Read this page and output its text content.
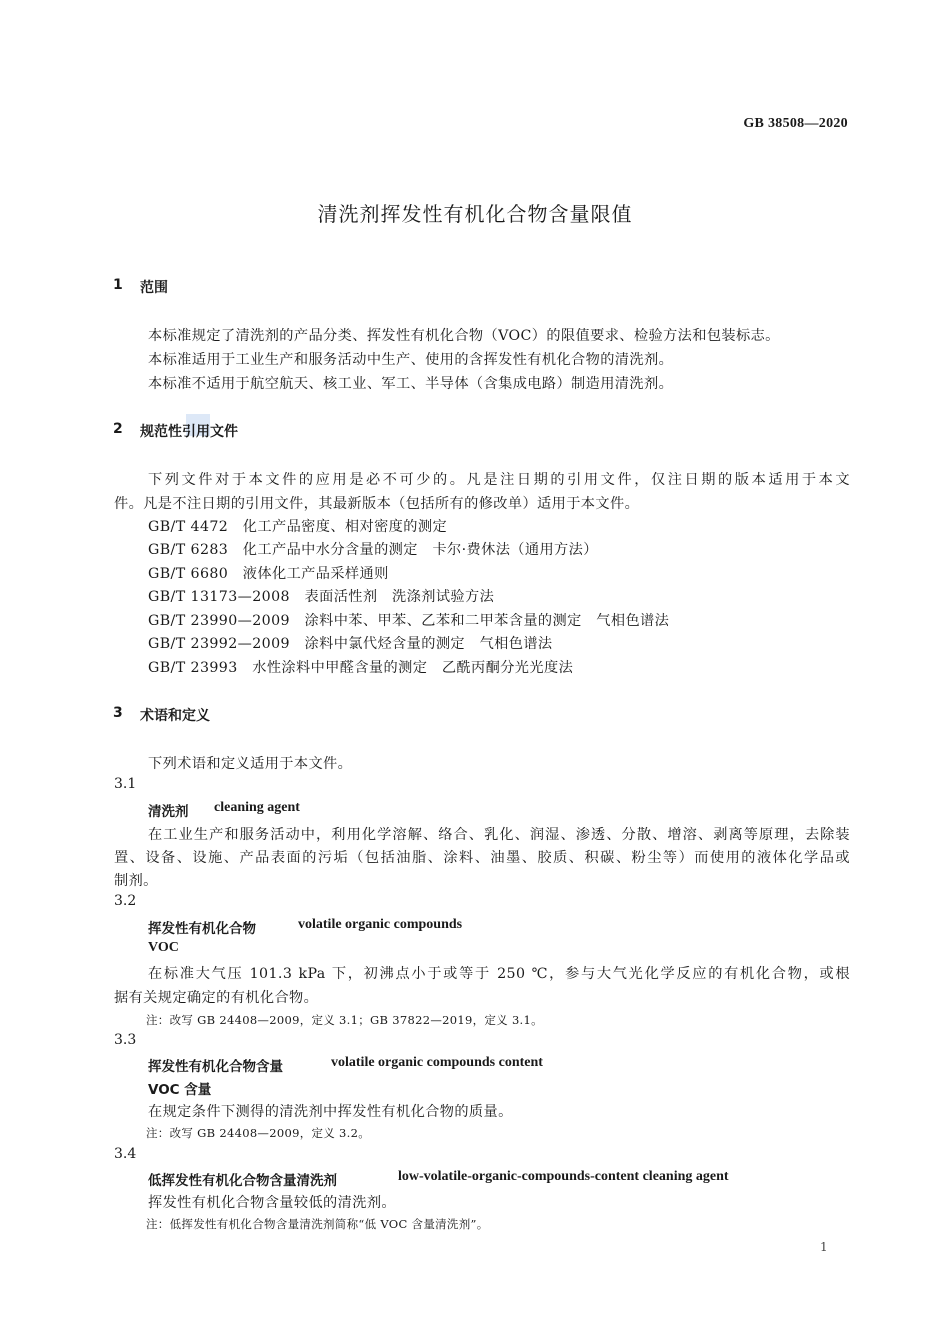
GB 38508—2020
清洗剂挥发性有机化合物含量限值
1 范围
本标准规定了清洗剂的产品分类、挥发性有机化合物（VOC）的限值要求、检验方法和包装标志。
本标准适用于工业生产和服务活动中生产、使用的含挥发性有机化合物的清洗剂。
本标准不适用于航空航天、核工业、军工、半导体（含集成电路）制造用清洗剂。
2 规范性引用文件
下列文件对于本文件的应用是必不可少的。凡是注日期的引用文件，仅注日期的版本适用于本文
件。凡是不注日期的引用文件，其最新版本（包括所有的修改单）适用于本文件。
GB/T 4472　化工产品密度、相对密度的测定
GB/T 6283　化工产品中水分含量的测定　卡尔·费休法（通用方法）
GB/T 6680　液体化工产品采样通则
GB/T 13173—2008　表面活性剂　洗涤剂试验方法
GB/T 23990—2009　涂料中苯、甲苯、乙苯和二甲苯含量的测定　气相色谱法
GB/T 23992—2009　涂料中氯代烃含量的测定　气相色谱法
GB/T 23993　水性涂料中甲醛含量的测定　乙酰丙酮分光光度法
3 术语和定义
下列术语和定义适用于本文件。
3.1
清洗剂 cleaning agent
在工业生产和服务活动中，利用化学溶解、络合、乳化、润湿、渗透、分散、增溶、剥离等原理，去除装
置、设备、设施、产品表面的污垢（包括油脂、涂料、油墨、胶质、积碳、粉尘等）而使用的液体化学品或
制剂。
3.2
挥发性有机化合物	volatile organic compounds
VOC
在标准大气压 101.3 kPa 下，初沸点小于或等于 250 ℃，参与大气光化学反应的有机化合物，或根
据有关规定确定的有机化合物。
注：改写 GB 24408—2009，定义 3.1；GB 37822—2019，定义 3.1。
3.3
挥发性有机化合物含量	volatile organic compounds content
VOC 含量
在规定条件下测得的清洗剂中挥发性有机化合物的质量。
注：改写 GB 24408—2009，定义 3.2。
3.4
低挥发性有机化合物含量清洗剂	low-volatile-organic-compounds-content cleaning agent
挥发性有机化合物含量较低的清洗剂。
注：低挥发性有机化合物含量清洗剂简称“低 VOC 含量清洗剂”。
1
